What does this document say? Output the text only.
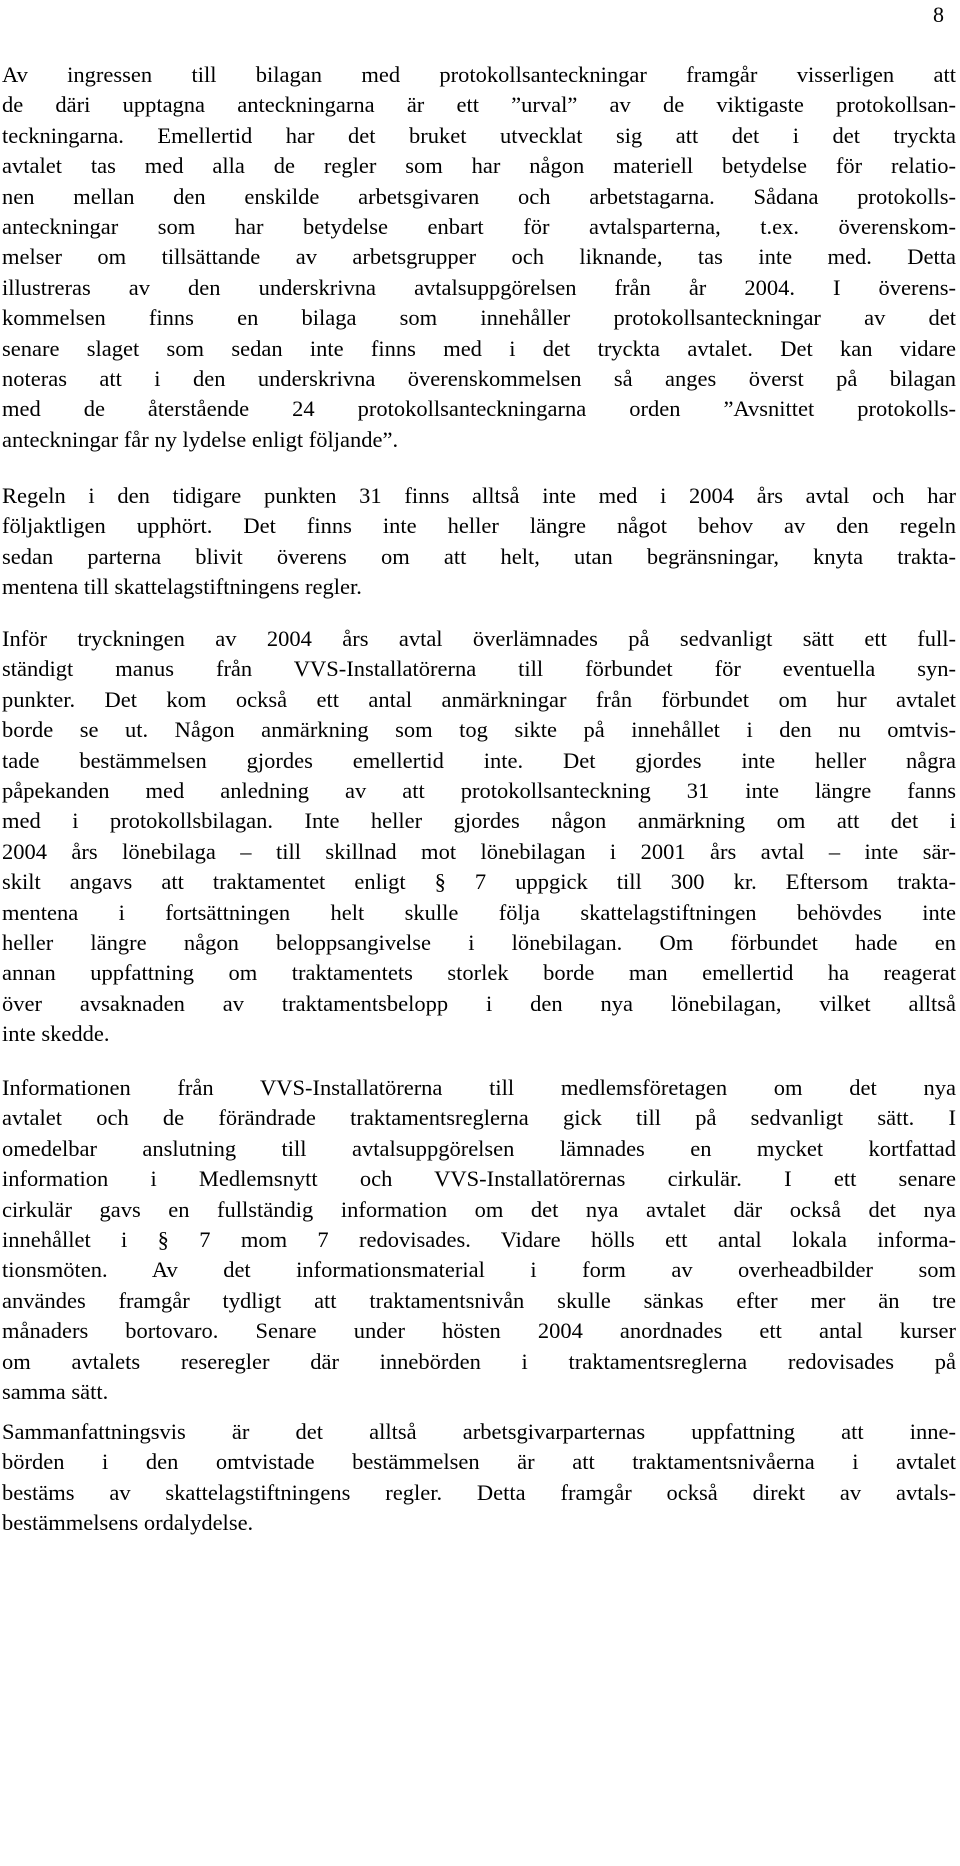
8
Av ingressen till bilagan med protokollsanteckningar framgår visserligen att
de däri upptagna anteckningarna är ett ”urval” av de viktigaste protokollsan-
teckningarna. Emellertid har det bruket utvecklat sig att det i det tryckta
avtalet tas med alla de regler som har någon materiell betydelse för relatio-
nen mellan den enskilde arbetsgivaren och arbetstagarna. Sådana protokolls-
anteckningar som har betydelse enbart för avtalsparterna, t.ex. överenskom-
melser om tillsättande av arbetsgrupper och liknande, tas inte med. Detta
illustreras av den underskrivna avtalsuppgörelsen från år 2004. I överens-
kommelsen finns en bilaga som innehåller protokollsanteckningar av det
senare slaget som sedan inte finns med i det tryckta avtalet. Det kan vidare
noteras att i den underskrivna överenskommelsen så anges överst på bilagan
med de återstående 24 protokollsanteckningarna orden ”Avsnittet protokolls-
anteckningar får ny lydelse enligt följande”.
Regeln i den tidigare punkten 31 finns alltså inte med i 2004 års avtal och har
följaktligen upphört. Det finns inte heller längre något behov av den regeln
sedan parterna blivit överens om att helt, utan begränsningar, knyta trakta-
mentena till skattelagstiftningens regler.
Inför tryckningen av 2004 års avtal överlämnades på sedvanligt sätt ett full-
ständigt manus från VVS-Installatörerna till förbundet för eventuella syn-
punkter. Det kom också ett antal anmärkningar från förbundet om hur avtalet
borde se ut. Någon anmärkning som tog sikte på innehållet i den nu omtvis-
tade bestämmelsen gjordes emellertid inte. Det gjordes inte heller några
påpekanden med anledning av att protokollsanteckning 31 inte längre fanns
med i protokollsbilagan. Inte heller gjordes någon anmärkning om att det i
2004 års lönebilaga – till skillnad mot lönebilagan i 2001 års avtal – inte sär-
skilt angavs att traktamentet enligt § 7 uppgick till 300 kr. Eftersom trakta-
mentena i fortsättningen helt skulle följa skattelagstiftningen behövdes inte
heller längre någon beloppsangivelse i lönebilagan. Om förbundet hade en
annan uppfattning om traktamentets storlek borde man emellertid ha reagerat
över avsaknaden av traktamentsbelopp i den nya lönebilagan, vilket alltså
inte skedde.
Informationen från VVS-Installatörerna till medlemsföretagen om det nya
avtalet och de förändrade traktamentsreglerna gick till på sedvanligt sätt. I
omedelbar anslutning till avtalsuppgörelsen lämnades en mycket kortfattad
information i Medlemsnytt och VVS-Installatörernas cirkulär. I ett senare
cirkulär gavs en fullständig information om det nya avtalet där också det nya
innehållet i § 7 mom 7 redovisades. Vidare hölls ett antal lokala informa-
tionsmöten. Av det informationsmaterial i form av overheadbilder som
användes framgår tydligt att traktamentsnivån skulle sänkas efter mer än tre
månaders bortovaro. Senare under hösten 2004 anordnades ett antal kurser
om avtalets reseregler där innebörden i traktamentsreglerna redovisades på
samma sätt.
Sammanfattningsvis är det alltså arbetsgivarparternas uppfattning att inne-
börden i den omtvistade bestämmelsen är att traktamentsnivåerna i avtalet
bestäms av skattelagstiftningens regler. Detta framgår också direkt av avtals-
bestämmelsens ordalydelse.
